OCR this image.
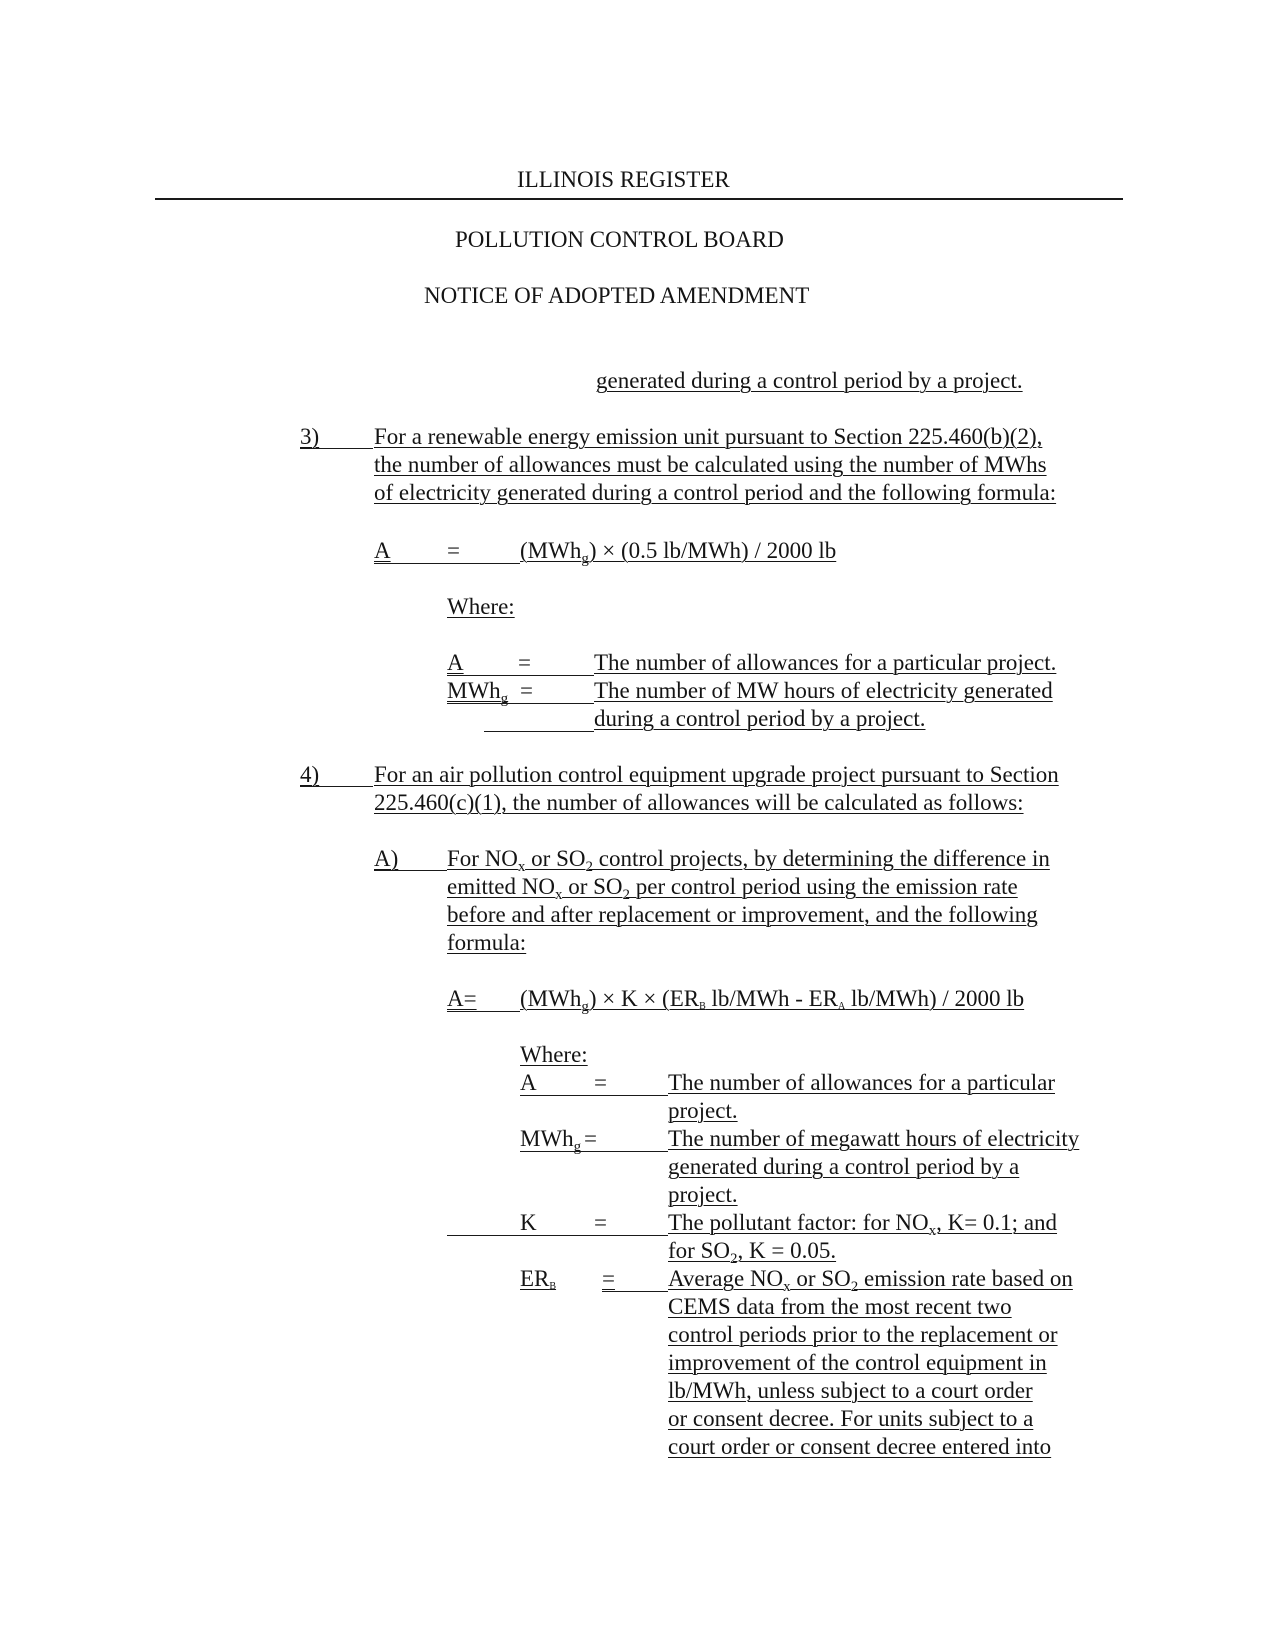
ILLINOIS REGISTER
POLLUTION CONTROL BOARD
NOTICE OF ADOPTED AMENDMENT
generated during a control period by a project.
3) For a renewable energy emission unit pursuant to Section 225.460(b)(2),
the number of allowances must be calculated using the number of MWhs
of electricity generated during a control period and the following formula:
A =	(MWh$_g$) × (0.5 lb/MWh) / 2000 lb
Where:
A =	The number of allowances for a particular project.
MWh$_g$ =	The number of MW hours of electricity generated
during a control period by a project.
4) For an air pollution control equipment upgrade project pursuant to Section
225.460(c)(1), the number of allowances will be calculated as follows:
A) For $NO_x$ or $SO_2$ control projects, by determining the difference in
emitted $NO_x$ or $SO_2$ per control period using the emission rate
before and after replacement or improvement, and the following
formula:
A= (MWh$_g$) × K × (ERB lb/MWh - ERA lb/MWh) / 2000 lb
Where:
A =	The number of allowances for a particular
project.
MWh$_g$ =	The number of megawatt hours of electricity
generated during a control period by a
project.
K =	The pollutant factor: for $NO_x$, K= 0.1; and
for $SO_2$, K = 0.05.
ERB = Average $NO_x$ or $SO_2$ emission rate based on
CEMS data from the most recent two
control periods prior to the replacement or
improvement of the control equipment in
lb/MWh, unless subject to a court order
or consent decree. For units subject to a
court order or consent decree entered into
